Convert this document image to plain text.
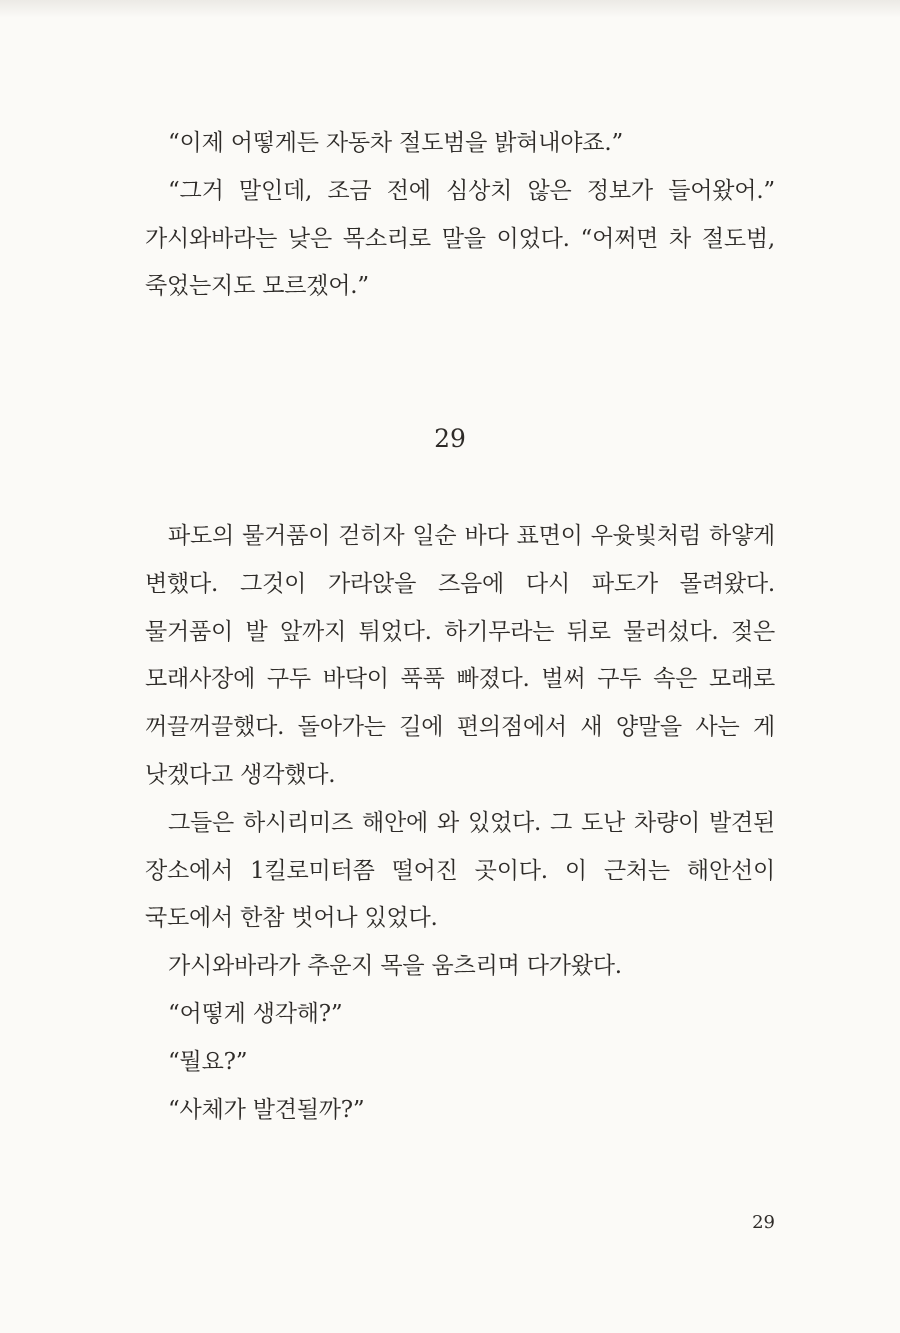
“이제 어떻게든 자동차 절도범을 밝혀내야죠.”

“그거 말인데, 조금 전에 심상치 않은 정보가 들어왔어.” 가시와바라는 낮은 목소리로 말을 이었다. “어쩌면 차 절도범, 죽었는지도 모르겠어.”

29

파도의 물거품이 걷히자 일순 바다 표면이 우윳빛처럼 하얗게 변했다. 그것이 가라앉을 즈음에 다시 파도가 몰려왔다. 물거품이 발 앞까지 튀었다. 하기무라는 뒤로 물러섰다. 젖은 모래사장에 구두 바닥이 푹푹 빠졌다. 벌써 구두 속은 모래로 꺼끌꺼끌했다. 돌아가는 길에 편의점에서 새 양말을 사는 게 낫겠다고 생각했다.

그들은 하시리미즈 해안에 와 있었다. 그 도난 차량이 발견된 장소에서 1킬로미터쯤 떨어진 곳이다. 이 근처는 해안선이 국도에서 한참 벗어나 있었다.

가시와바라가 추운지 목을 움츠리며 다가왔다.

“어떻게 생각해?”

“뭘요?”

“사체가 발견될까?”

29
